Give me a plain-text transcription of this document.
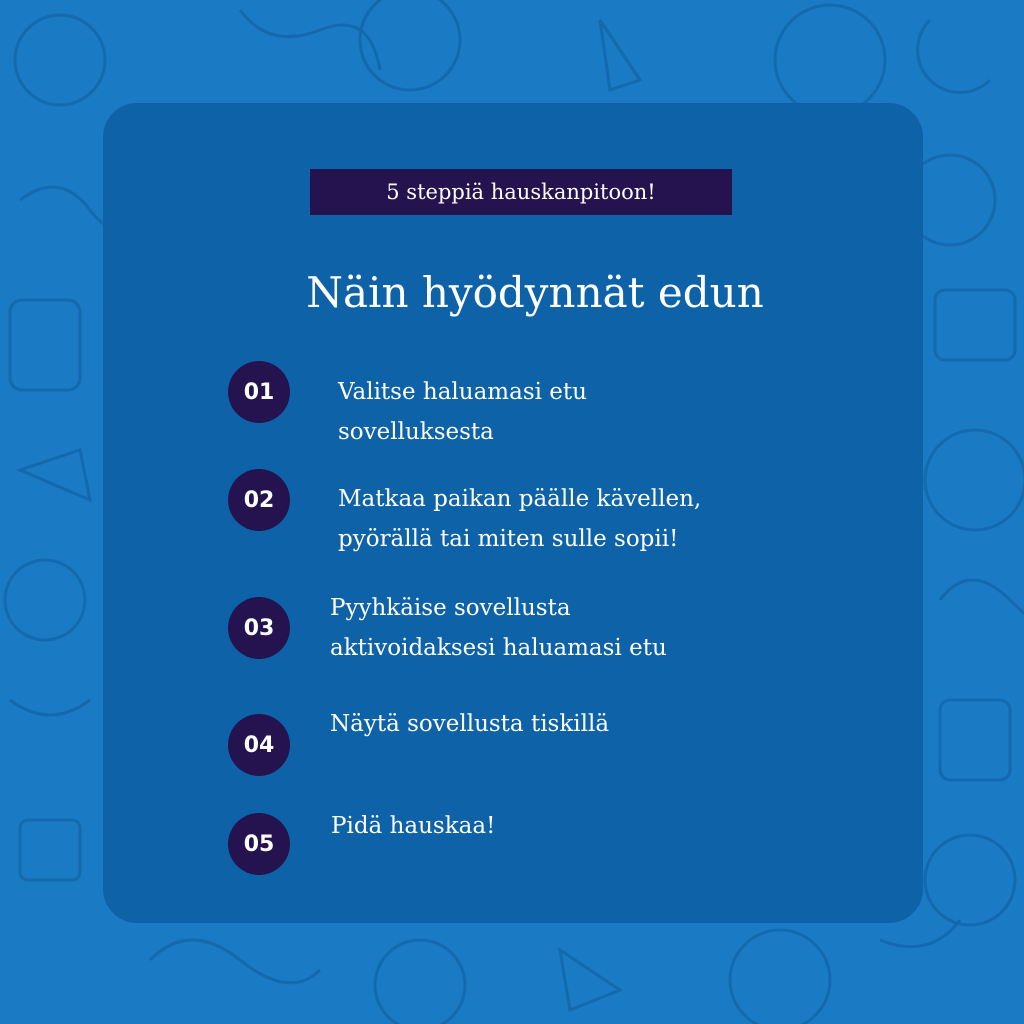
5 steppiä hauskanpitoon!
Näin hyödynnät edun
01	Valitse haluamasi etu
sovelluksesta
02	Matkaa paikan päälle kävellen,
pyörällä tai miten sulle sopii!
03
Pyyhkäise sovellusta
aktivoidaksesi haluamasi etu
04
Näytä sovellusta tiskillä
05
Pidä hauskaa!
